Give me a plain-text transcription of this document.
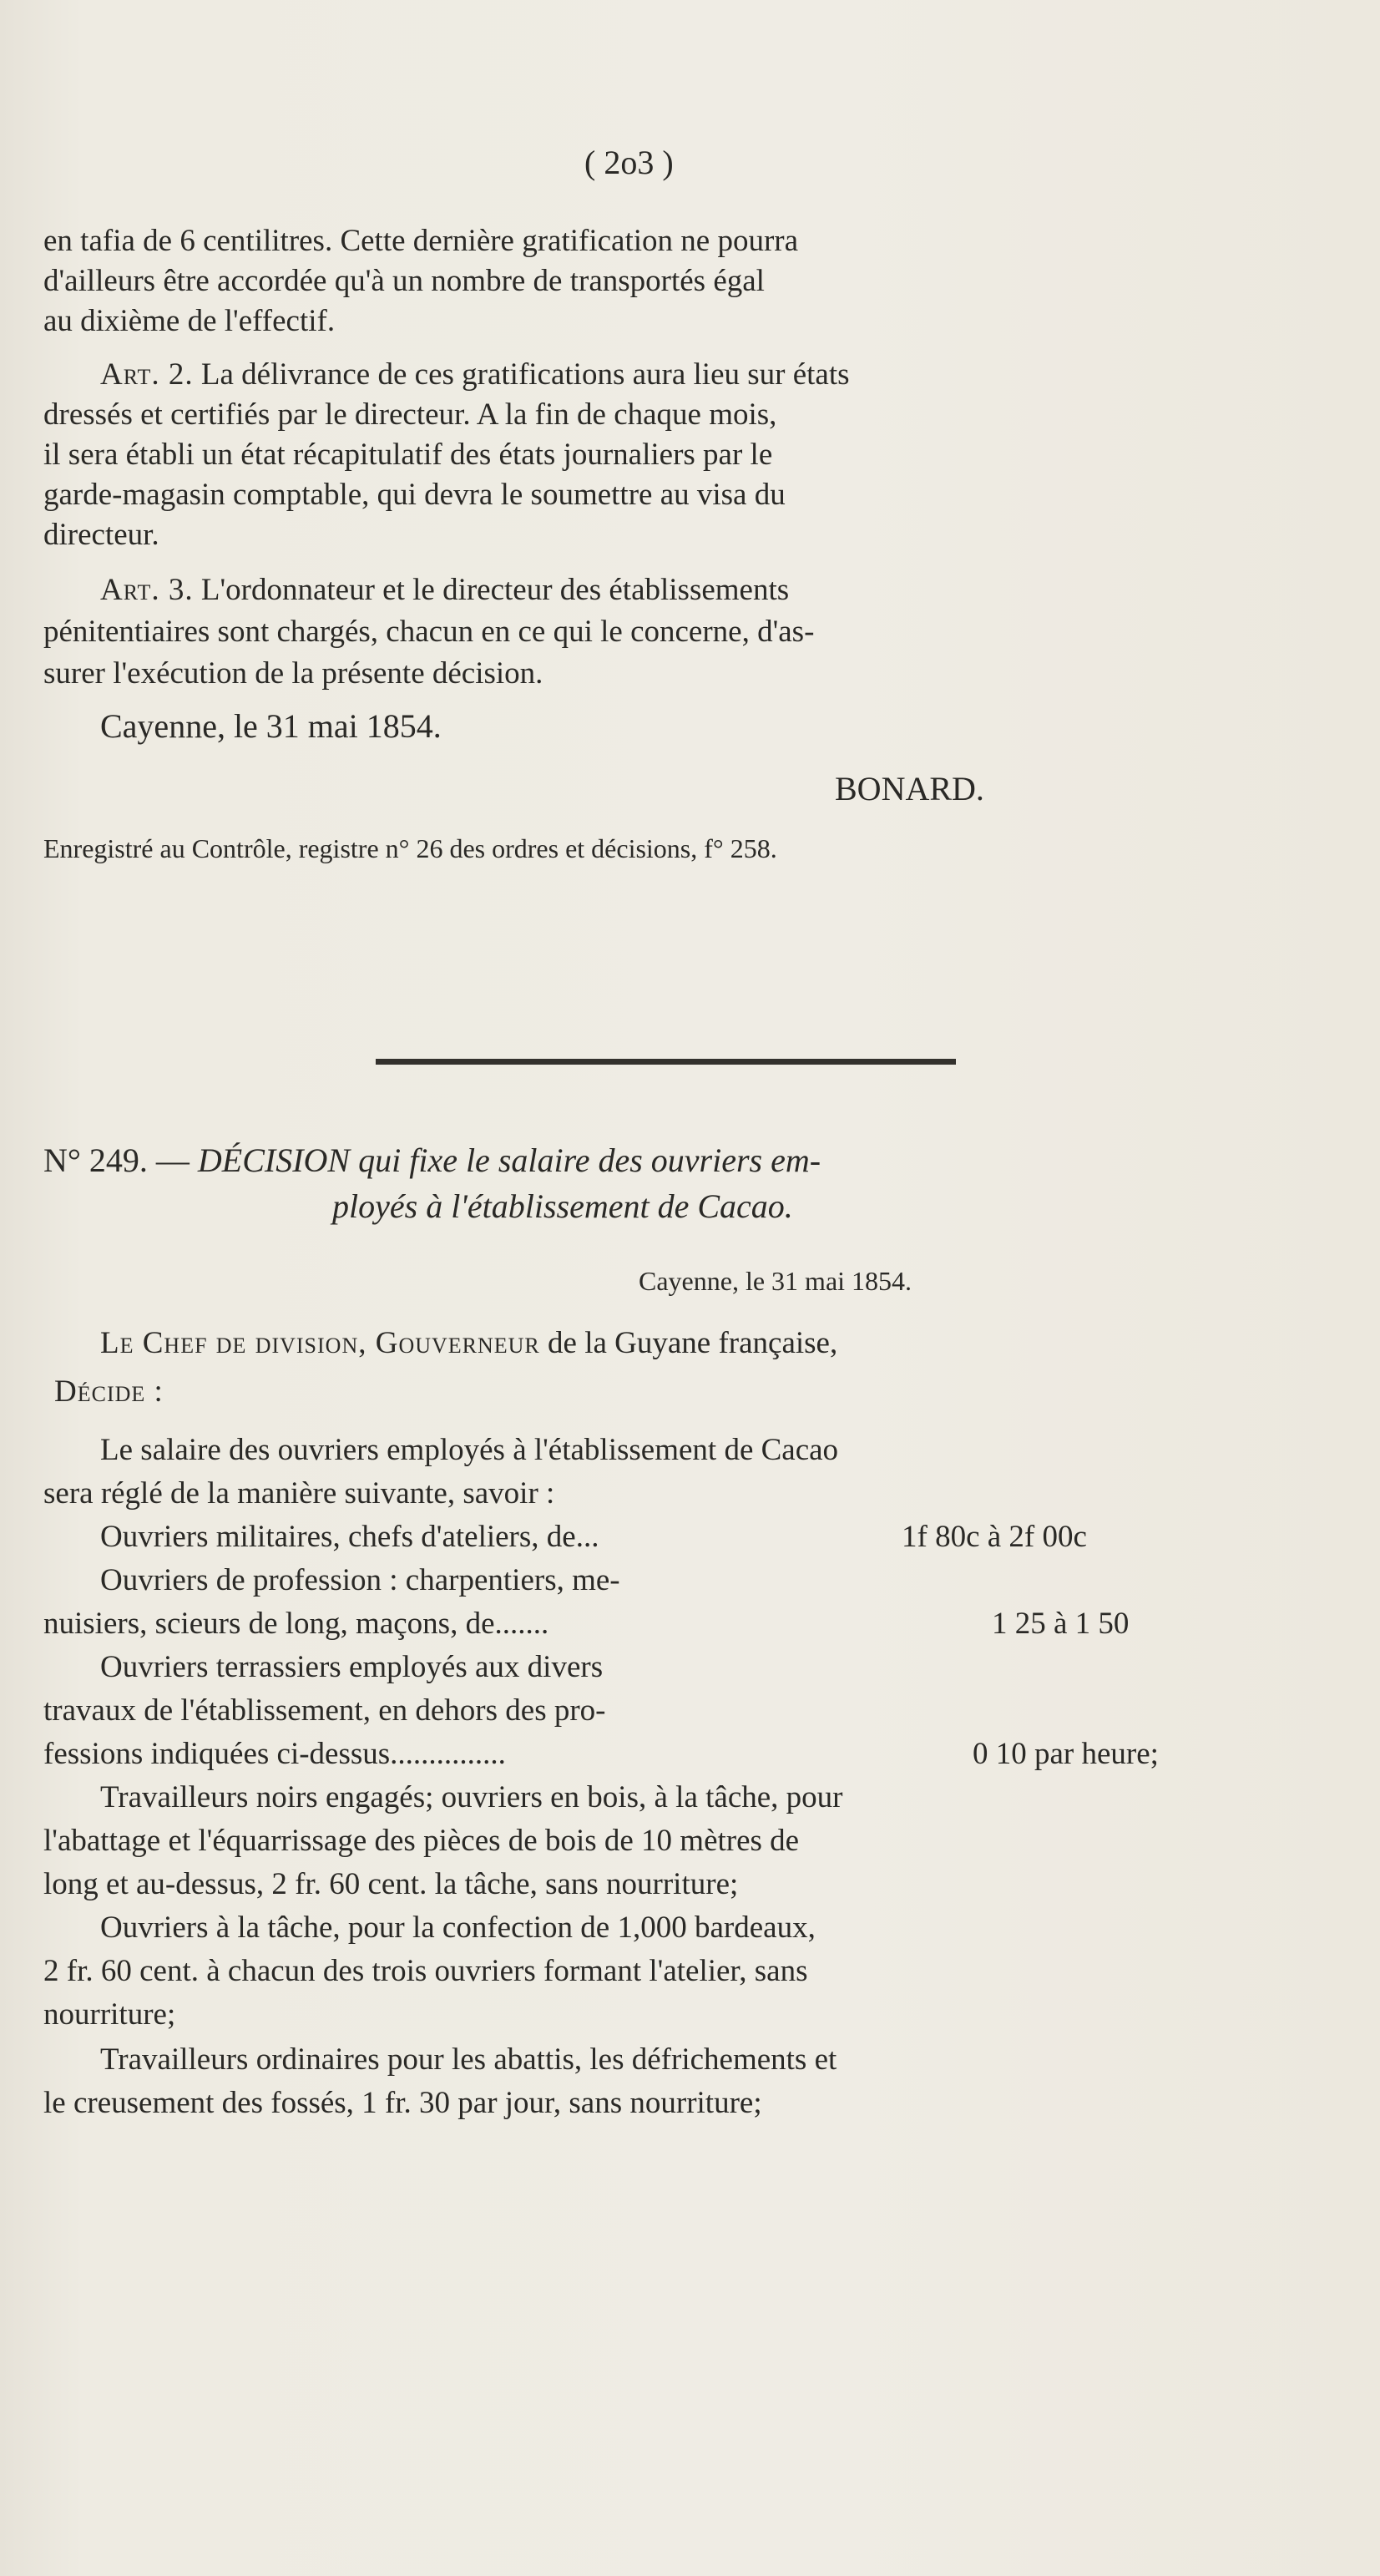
( 2o3 )
en tafia de 6 centilitres. Cette dernière gratification ne pourra
d'ailleurs être accordée qu'à un nombre de transportés égal
au dixième de l'effectif.
Art. 2. La délivrance de ces gratifications aura lieu sur états
dressés et certifiés par le directeur. A la fin de chaque mois,
il sera établi un état récapitulatif des états journaliers par le
garde-magasin comptable, qui devra le soumettre au visa du
directeur.
Art. 3. L'ordonnateur et le directeur des établissements
pénitentiaires sont chargés, chacun en ce qui le concerne, d'as-
surer l'exécution de la présente décision.
Cayenne, le 31 mai 1854.
BONARD.
Enregistré au Contrôle, registre n° 26 des ordres et décisions, f° 258.
N° 249. — DÉCISION qui fixe le salaire des ouvriers em-
ployés à l'établissement de Cacao.
Cayenne, le 31 mai 1854.
Le Chef de division, Gouverneur de la Guyane française,
Décide :
Le salaire des ouvriers employés à l'établissement de Cacao
sera réglé de la manière suivante, savoir :
Ouvriers militaires, chefs d'ateliers, de...	1f 80c à 2f 00c
Ouvriers de profession : charpentiers, me-
nuisiers, scieurs de long, maçons, de.......	1 25 à 1 50
Ouvriers terrassiers employés aux divers
travaux de l'établissement, en dehors des pro-
fessions indiquées ci-dessus...............	0 10 par heure;
Travailleurs noirs engagés; ouvriers en bois, à la tâche, pour
l'abattage et l'équarrissage des pièces de bois de 10 mètres de
long et au-dessus, 2 fr. 60 cent. la tâche, sans nourriture;
Ouvriers à la tâche, pour la confection de 1,000 bardeaux,
2 fr. 60 cent. à chacun des trois ouvriers formant l'atelier, sans
nourriture;
Travailleurs ordinaires pour les abattis, les défrichements et
le creusement des fossés, 1 fr. 30 par jour, sans nourriture;
